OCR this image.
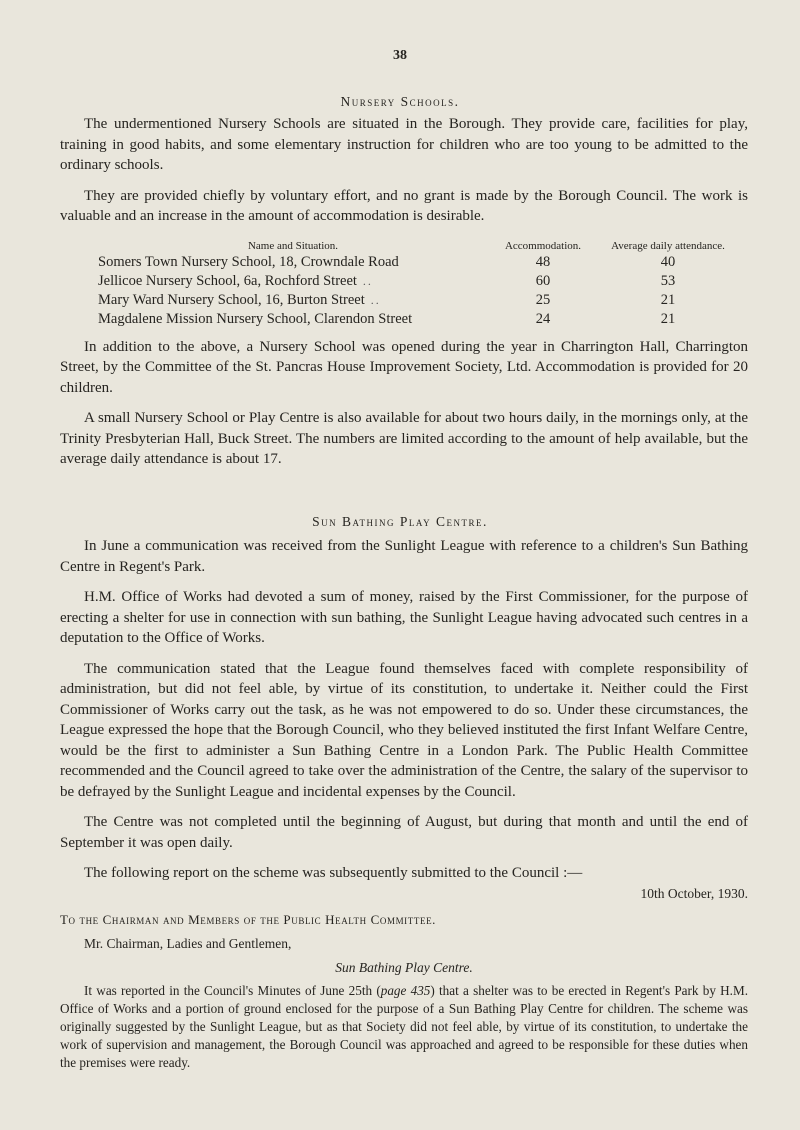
38
Nursery Schools.

The undermentioned Nursery Schools are situated in the Borough. They provide care, facilities for play, training in good habits, and some elementary instruction for children who are too young to be admitted to the ordinary schools.

They are provided chiefly by voluntary effort, and no grant is made by the Borough Council. The work is valuable and an increase in the amount of accommodation is desirable.

Name and Situation.	Accommodation.	Average daily attendance.
Somers Town Nursery School, 18, Crowndale Road	48	40
Jellicoe Nursery School, 6a, Rochford Street ..	60	53
Mary Ward Nursery School, 16, Burton Street ..	25	21
Magdalene Mission Nursery School, Clarendon Street	24	21

In addition to the above, a Nursery School was opened during the year in Charrington Hall, Charrington Street, by the Committee of the St. Pancras House Improvement Society, Ltd. Accommodation is provided for 20 children.

A small Nursery School or Play Centre is also available for about two hours daily, in the mornings only, at the Trinity Presbyterian Hall, Buck Street. The numbers are limited according to the amount of help available, but the average daily attendance is about 17.

Sun Bathing Play Centre.

In June a communication was received from the Sunlight League with reference to a children's Sun Bathing Centre in Regent's Park.

H.M. Office of Works had devoted a sum of money, raised by the First Commissioner, for the purpose of erecting a shelter for use in connection with sun bathing, the Sunlight League having advocated such centres in a deputation to the Office of Works.

The communication stated that the League found themselves faced with complete responsibility of administration, but did not feel able, by virtue of its constitution, to undertake it. Neither could the First Commissioner of Works carry out the task, as he was not empowered to do so. Under these circumstances, the League expressed the hope that the Borough Council, who they believed instituted the first Infant Welfare Centre, would be the first to administer a Sun Bathing Centre in a London Park. The Public Health Committee recommended and the Council agreed to take over the administration of the Centre, the salary of the supervisor to be defrayed by the Sunlight League and incidental expenses by the Council.

The Centre was not completed until the beginning of August, but during that month and until the end of September it was open daily.

The following report on the scheme was subsequently submitted to the Council :—

10th October, 1930.
To the Chairman and Members of the Public Health Committee.
Mr. Chairman, Ladies and Gentlemen,
Sun Bathing Play Centre.

It was reported in the Council's Minutes of June 25th (page 435) that a shelter was to be erected in Regent's Park by H.M. Office of Works and a portion of ground enclosed for the purpose of a Sun Bathing Play Centre for children. The scheme was originally suggested by the Sunlight League, but as that Society did not feel able, by virtue of its constitution, to undertake the work of supervision and management, the Borough Council was approached and agreed to be responsible for these duties when the premises were ready.
